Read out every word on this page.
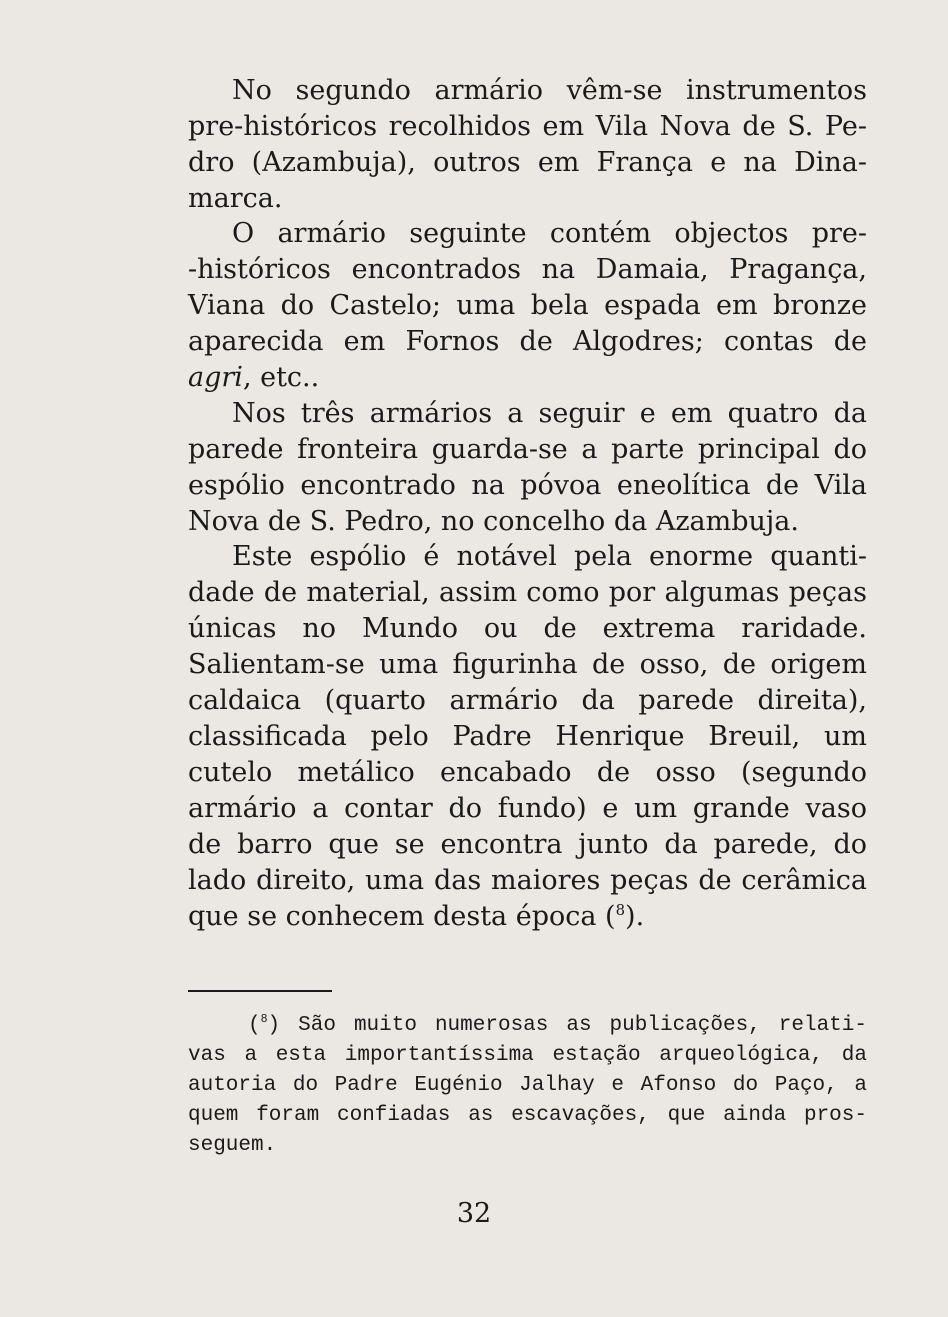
No segundo armário vêm-se instrumentos
pre-históricos recolhidos em Vila Nova de S. Pe-
dro (Azambuja), outros em França e na Dina-
marca.
O armário seguinte contém objectos pre-
-históricos encontrados na Damaia, Pragança,
Viana do Castelo; uma bela espada em bronze
aparecida em Fornos de Algodres; contas de
agri, etc..
Nos três armários a seguir e em quatro da
parede fronteira guarda-se a parte principal do
espólio encontrado na póvoa eneolítica de Vila
Nova de S. Pedro, no concelho da Azambuja.
Este espólio é notável pela enorme quanti-
dade de material, assim como por algumas peças
únicas no Mundo ou de extrema raridade.
Salientam-se uma figurinha de osso, de origem
caldaica (quarto armário da parede direita),
classificada pelo Padre Henrique Breuil, um
cutelo metálico encabado de osso (segundo
armário a contar do fundo) e um grande vaso
de barro que se encontra junto da parede, do
lado direito, uma das maiores peças de cerâmica
que se conhecem desta época ($^8$).
($^8$) São muito numerosas as publicações, relati-
vas a esta importantíssima estação arqueológica, da
autoria do Padre Eugénio Jalhay e Afonso do Paço, a
quem foram confiadas as escavações, que ainda pros-
seguem.
32
